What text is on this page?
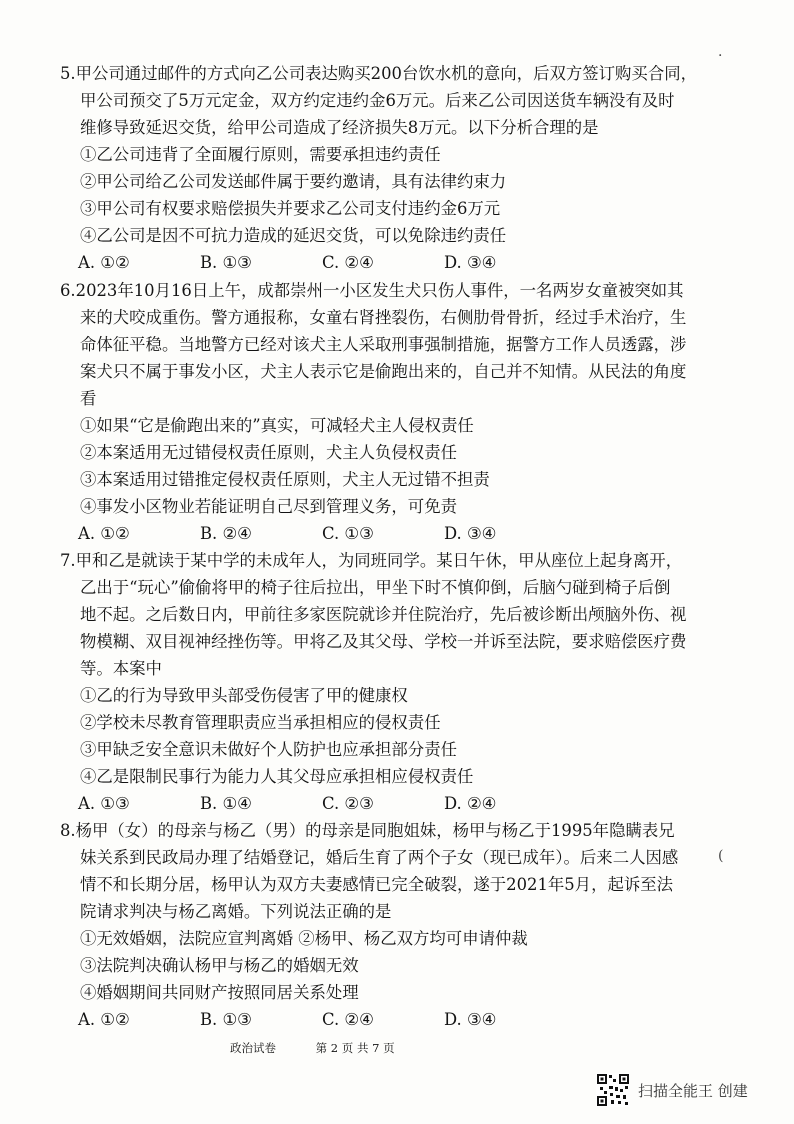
5.甲公司通过邮件的方式向乙公司表达购买200台饮水机的意向，后双方签订购买合同，
甲公司预交了5万元定金，双方约定违约金6万元。后来乙公司因送货车辆没有及时
维修导致延迟交货，给甲公司造成了经济损失8万元。以下分析合理的是
①乙公司违背了全面履行原则，需要承担违约责任
②甲公司给乙公司发送邮件属于要约邀请，具有法律约束力
③甲公司有权要求赔偿损失并要求乙公司支付违约金6万元
④乙公司是因不可抗力造成的延迟交货，可以免除违约责任
A. ①②	B. ①③	C. ②④	D. ③④
6.2023年10月16日上午，成都崇州一小区发生犬只伤人事件，一名两岁女童被突如其
来的犬咬成重伤。警方通报称，女童右肾挫裂伤，右侧肋骨骨折，经过手术治疗，生
命体征平稳。当地警方已经对该犬主人采取刑事强制措施，据警方工作人员透露，涉
案犬只不属于事发小区，犬主人表示它是偷跑出来的，自己并不知情。从民法的角度
看
①如果“它是偷跑出来的”真实，可减轻犬主人侵权责任
②本案适用无过错侵权责任原则，犬主人负侵权责任
③本案适用过错推定侵权责任原则，犬主人无过错不担责
④事发小区物业若能证明自己尽到管理义务，可免责
A. ①②	B. ②④	C. ①③	D. ③④
7.甲和乙是就读于某中学的未成年人，为同班同学。某日午休，甲从座位上起身离开，
乙出于“玩心”偷偷将甲的椅子往后拉出，甲坐下时不慎仰倒，后脑勺碰到椅子后倒
地不起。之后数日内，甲前往多家医院就诊并住院治疗，先后被诊断出颅脑外伤、视
物模糊、双目视神经挫伤等。甲将乙及其父母、学校一并诉至法院，要求赔偿医疗费
等。本案中
①乙的行为导致甲头部受伤侵害了甲的健康权
②学校未尽教育管理职责应当承担相应的侵权责任
③甲缺乏安全意识未做好个人防护也应承担部分责任
④乙是限制民事行为能力人其父母应承担相应侵权责任
A. ①③	B. ①④	C. ②③	D. ②④
8.杨甲（女）的母亲与杨乙（男）的母亲是同胞姐妹，杨甲与杨乙于1995年隐瞒表兄
妹关系到民政局办理了结婚登记，婚后生育了两个子女（现已成年）。后来二人因感
情不和长期分居，杨甲认为双方夫妻感情已完全破裂，遂于2021年5月，起诉至法
院请求判决与杨乙离婚。下列说法正确的是
①无效婚姻，法院应宣判离婚 ②杨甲、杨乙双方均可申请仲裁
③法院判决确认杨甲与杨乙的婚姻无效
④婚姻期间共同财产按照同居关系处理
A. ①②	B. ①③	C. ②④	D. ③④
·
(
政治试卷	第 2 页 共 7 页
扫描全能王 创建
